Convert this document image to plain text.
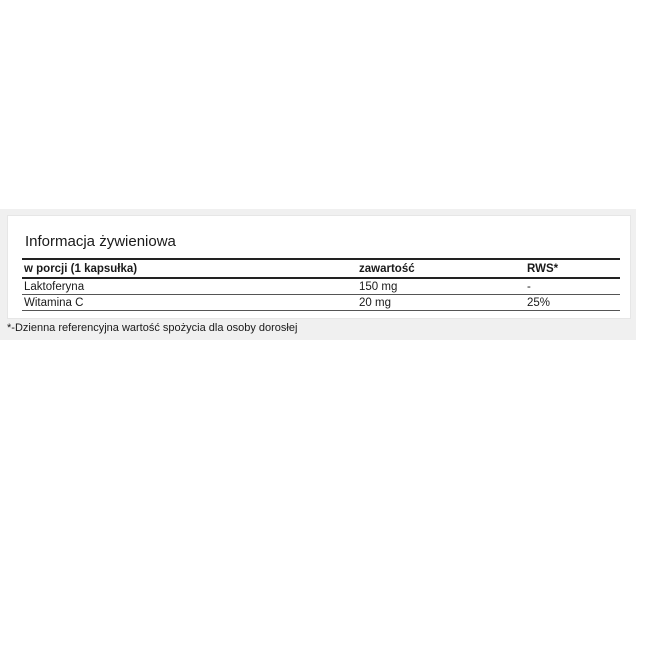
Informacja żywieniowa
w porcji (1 kapsułka)	zawartość	RWS*
Laktoferyna	150 mg	-
Witamina C	20 mg	25%
*-Dzienna referencyjna wartość spożycia dla osoby dorosłej
